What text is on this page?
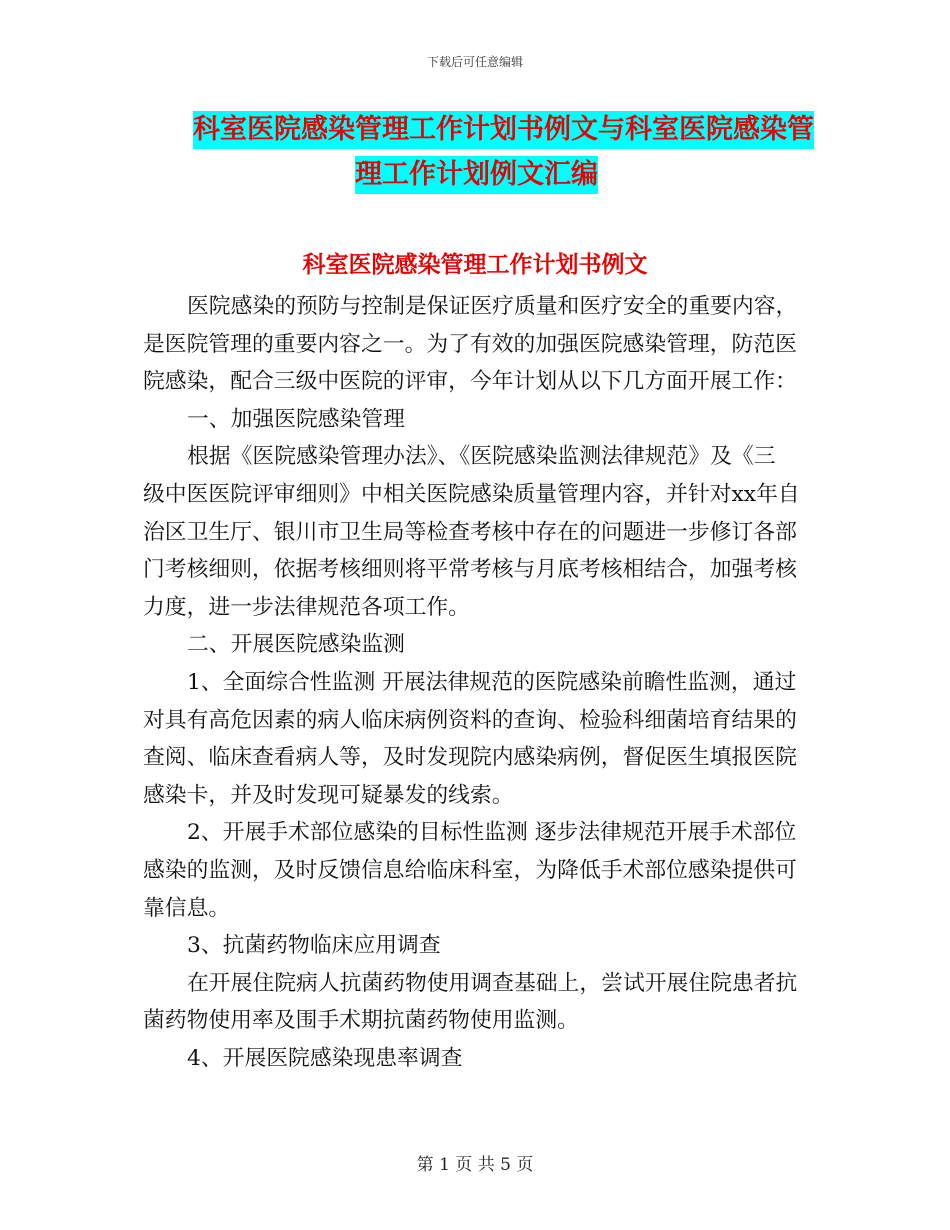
下载后可任意编辑
科室医院感染管理工作计划书例文与科室医院感染管
理工作计划例文汇编
科室医院感染管理工作计划书例文
医院感染的预防与控制是保证医疗质量和医疗安全的重要内容，
是医院管理的重要内容之一。为了有效的加强医院感染管理，防范医
院感染，配合三级中医院的评审，今年计划从以下几方面开展工作：
一、加强医院感染管理
根据《医院感染管理办法》、《医院感染监测法律规范》及《三
级中医医院评审细则》中相关医院感染质量管理内容，并针对xx年自
治区卫生厅、银川市卫生局等检查考核中存在的问题进一步修订各部
门考核细则，依据考核细则将平常考核与月底考核相结合，加强考核
力度，进一步法律规范各项工作。
二、开展医院感染监测
1、全面综合性监测 开展法律规范的医院感染前瞻性监测，通过
对具有高危因素的病人临床病例资料的查询、检验科细菌培育结果的
查阅、临床查看病人等，及时发现院内感染病例，督促医生填报医院
感染卡，并及时发现可疑暴发的线索。
2、开展手术部位感染的目标性监测 逐步法律规范开展手术部位
感染的监测，及时反馈信息给临床科室，为降低手术部位感染提供可
靠信息。
3、抗菌药物临床应用调查
在开展住院病人抗菌药物使用调查基础上，尝试开展住院患者抗
菌药物使用率及围手术期抗菌药物使用监测。
4、开展医院感染现患率调查
第 1 页 共 5 页
